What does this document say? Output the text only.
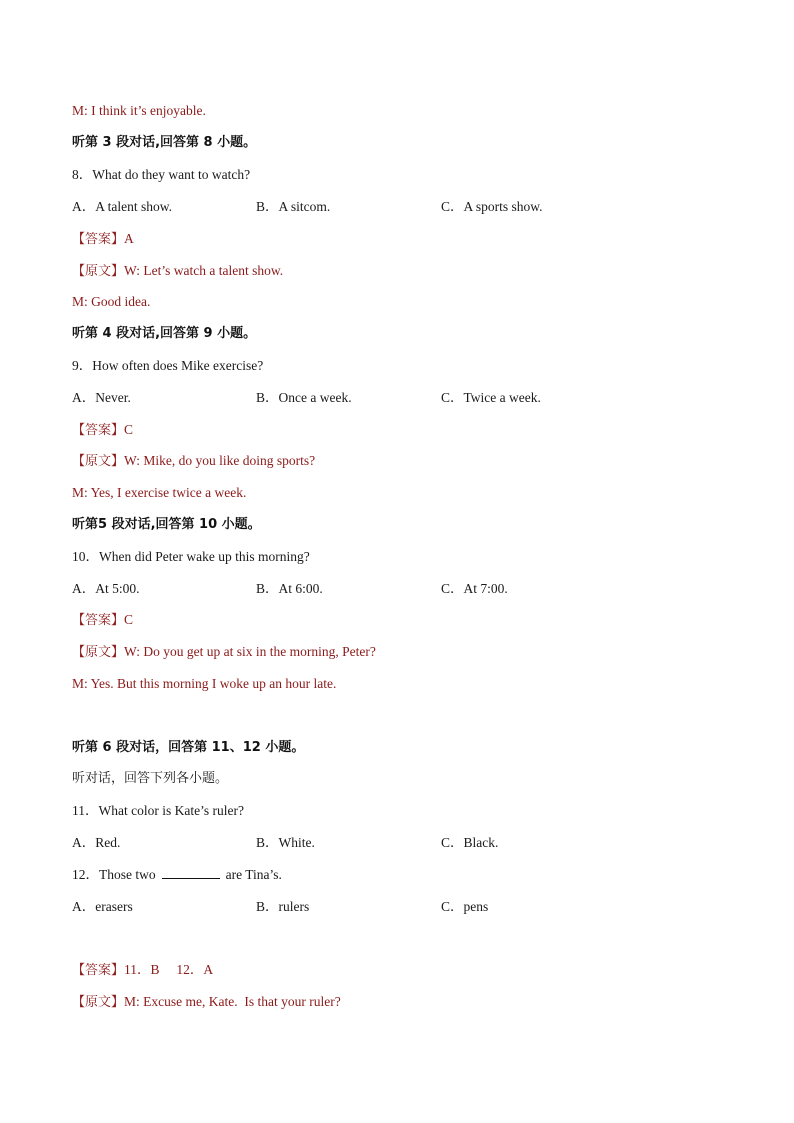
M: I think it’s enjoyable.
听第 3 段对话,回答第 8 小题。
8．What do they want to watch?
A．A talent show.	B．A sitcom.	C．A sports show.
【答案】A
【原文】W: Let’s watch a talent show.
M: Good idea.
听第 4 段对话,回答第 9 小题。
9．How often does Mike exercise?
A．Never.	B．Once a week.	C．Twice a week.
【答案】C
【原文】W: Mike, do you like doing sports?
M: Yes, I exercise twice a week.
听第5 段对话,回答第 10 小题。
10．When did Peter wake up this morning?
A．At 5:00.	B．At 6:00.	C．At 7:00.
【答案】C
【原文】W: Do you get up at six in the morning, Peter?
M: Yes. But this morning I woke up an hour late.
听第 6 段对话，回答第 11、12 小题。
听对话，回答下列各小题。
11．What color is Kate’s ruler?
A．Red.	B．White.	C．Black.
12．Those two	are Tina’s.
A．erasers	B．rulers	C．pens
【答案】11．B     12．A
【原文】M: Excuse me, Kate.  Is that your ruler?
